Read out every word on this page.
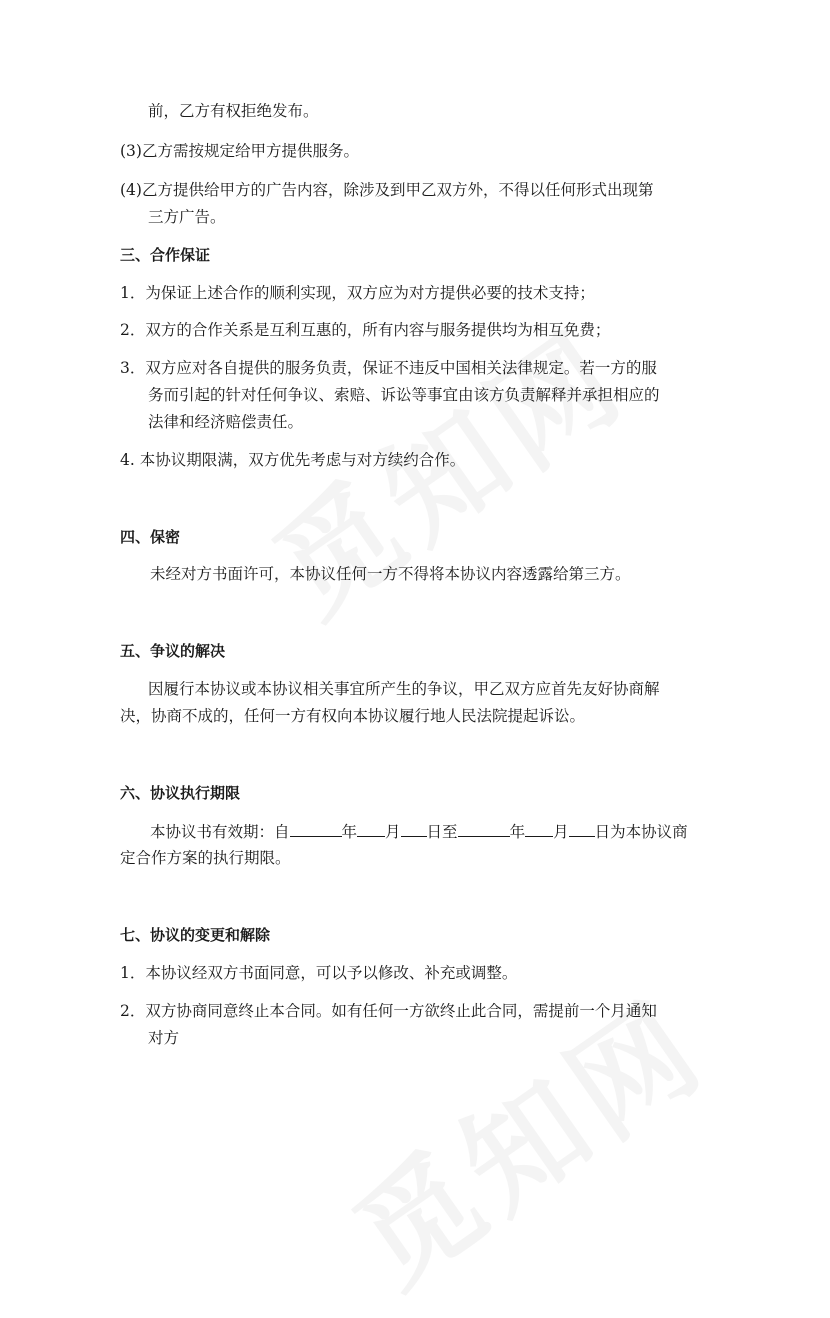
前，乙方有权拒绝发布。
(3)乙方需按规定给甲方提供服务。
(4)乙方提供给甲方的广告内容，除涉及到甲乙双方外，不得以任何形式出现第
三方广告。
三、合作保证
1．为保证上述合作的顺利实现，双方应为对方提供必要的技术支持；
2．双方的合作关系是互利互惠的，所有内容与服务提供均为相互免费；
3．双方应对各自提供的服务负责，保证不违反中国相关法律规定。若一方的服
务而引起的针对任何争议、索赔、诉讼等事宜由该方负责解释并承担相应的
法律和经济赔偿责任。
4. 本协议期限满，双方优先考虑与对方续约合作。
四、保密
未经对方书面许可，本协议任何一方不得将本协议内容透露给第三方。
五、争议的解决
因履行本协议或本协议相关事宜所产生的争议，甲乙双方应首先友好协商解
决，协商不成的，任何一方有权向本协议履行地人民法院提起诉讼。
六、协议执行期限
本协议书有效期：自	年 月 日至	年 月 日为本协议商
定合作方案的执行期限。
七、协议的变更和解除
1．本协议经双方书面同意，可以予以修改、补充或调整。
2．双方协商同意终止本合同。如有任何一方欲终止此合同，需提前一个月通知
对方
